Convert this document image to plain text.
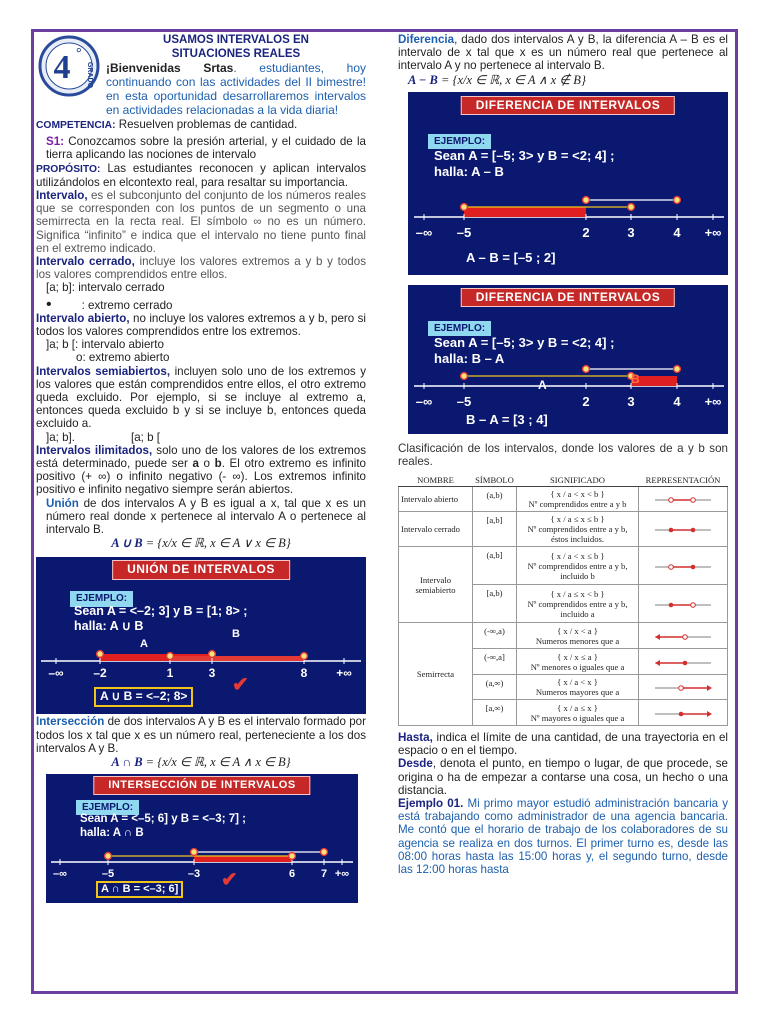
4 °
GRADO
USAMOS INTERVALOS EN
SITUACIONES REALES

¡Bienvenidas Srtas. estudiantes, hoy continuando con las actividades del II bimestre! en esta oportunidad desarrollaremos intervalos en actividades relacionadas a la vida diaria!

COMPETENCIA: Resuelven problemas de cantidad.

S1: Conozcamos sobre la presión arterial, y el cuidado de la tierra aplicando las nociones de intervalo

PROPÓSITO: Las estudiantes reconocen y aplican intervalos utilizándolos en elcontexto real, para resaltar su importancia.

Intervalo, es el subconjunto del conjunto de los números reales que se corresponden con los puntos de un segmento o una semirrecta en la recta real. El símbolo ∞ no es un número. Significa “infinito” e indica que el intervalo no tiene punto final en el extremo indicado.

Intervalo cerrado, incluye los valores extremos a y b y todos los valores comprendidos entre ellos.

[a; b]: intervalo cerrado

•	: extremo cerrado

Intervalo abierto, no incluye los valores extremos a y b, pero si todos los valores comprendidos entre los extremos.

]a; b [: intervalo abierto

o: extremo abierto

Intervalos semiabiertos, incluyen solo uno de los extremos y los valores que están comprendidos entre ellos, el otro extremo queda excluido. Por ejemplo, si se incluye al extremo a, entonces queda excluido b y si se incluye b, entonces queda excluido a.

]a; b].	[a; b [

Intervalos ilimitados, solo uno de los valores de los extremos está determinado, puede ser a o b. El otro extremo es infinito positivo (+ ∞) o infinito negativo (- ∞). Los extremos infinito positivo e infinito negativo siempre serán abiertos.

Unión de dos intervalos A y B es igual a x, tal que x es un número real donde x pertenece al intervalo A o pertenece al intervalo B.

A ∪ B = {x/x ∈ ℝ, x ∈ A ∨ x ∈ B}
–∞ –2	1	3	8 +∞
UNIÓN DE INTERVALOS
EJEMPLO:
Sean A = <–2; 3] y B = [1; 8> ;
halla: A ∪ B
A
B
A ∪ B = <–2; 8>	✔

Intersección de dos intervalos A y B es el intervalo formado por todos los x tal que x es un número real, perteneciente a los dos intervalos A y B.

A ∩ B = {x/x ∈ ℝ, x ∈ A ∧ x ∈ B}
–∞	–5	–3	6 7 +∞
INTERSECCIÓN DE INTERVALOS
EJEMPLO:
Sean A = <–5; 6] y B = <–3; 7] ;
halla: A ∩ B
A ∩ B = <–3; 6] ✔

Diferencia, dado dos intervalos A y B, la diferencia A – B es el intervalo de x tal que x es un número real que pertenece al intervalo A y no pertenece al intervalo B.

A − B = {x/x ∈ ℝ, x ∈ A ∧ x ∉ B}
–∞ –5	2	3	4 +∞
DIFERENCIA DE INTERVALOS
EJEMPLO:
Sean A = [–5; 3> y B = <2; 4] ;
halla: A – B
A – B = [–5 ; 2]
–∞ –5	2	3	4 +∞
DIFERENCIA DE INTERVALOS
EJEMPLO:
Sean A = [–5; 3> y B = <2; 4] ;
halla: B – A
A	B
B – A = [3 ; 4]

Clasificación de los intervalos, donde los valores de a y b son reales.

NOMBRE	SÍMBOLO	SIGNIFICADO	REPRESENTACIÓN
Intervalo abierto	(a,b)	{ x / a < x < b }
Nº comprendidos entre a y b

Intervalo cerrado	[a,b]	{ x / a ≤ x ≤ b }
Nº comprendidos entre a y b, éstos incluidos.

Intervalo semiabierto	(a,b]	{ x / a < x ≤ b }
Nº comprendidos entre a y b, incluido b

	[a,b)	{ x / a ≤ x < b }
Nº comprendidos entre a y b, incluido a

Semirrecta	(-∞,a)	{ x / x < a }
Numeros menores que a

	(-∞,a]	{ x / x ≤ a }
Nº menores o iguales que a

	(a,∞)	{ x / a < x }
Numeros mayores que a

	[a,∞)	{ x / a ≤ x }
Nº mayores o iguales que a

Hasta, indica el límite de una cantidad, de una trayectoria en el espacio o en el tiempo.

Desde, denota el punto, en tiempo o lugar, de que procede, se origina o ha de empezar a contarse una cosa, un hecho o una distancia.

Ejemplo 01. Mi primo mayor estudió administración bancaria y está trabajando como administrador de una agencia bancaria. Me contó que el horario de trabajo de los colaboradores de su agencia se realiza en dos turnos. El primer turno es, desde las 08:00 horas hasta las 15:00 horas y, el segundo turno, desde las 12:00 horas hasta
